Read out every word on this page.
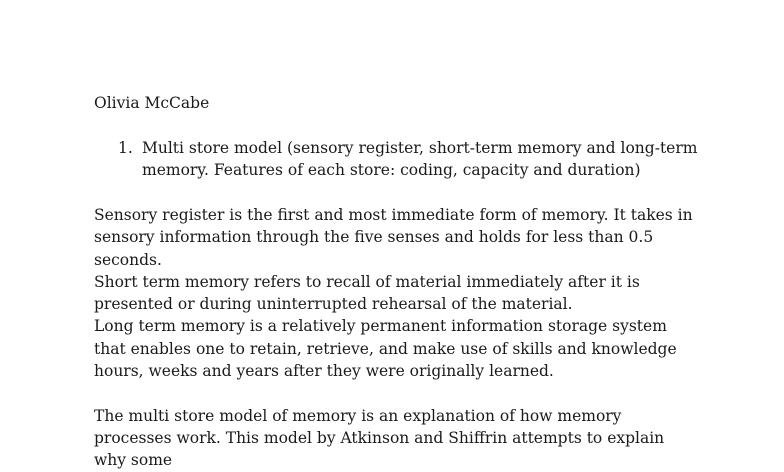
Olivia McCabe

1. Multi store model (sensory register, short-term memory and long-term memory. Features of each store: coding, capacity and duration)

Sensory register is the first and most immediate form of memory. It takes in sensory information through the five senses and holds for less than 0.5 seconds.

Short term memory refers to recall of material immediately after it is presented or during uninterrupted rehearsal of the material.

Long term memory is a relatively permanent information storage system that enables one to retain, retrieve, and make use of skills and knowledge hours, weeks and years after they were originally learned.

The multi store model of memory is an explanation of how memory processes work. This model by Atkinson and Shiffrin attempts to explain why some
